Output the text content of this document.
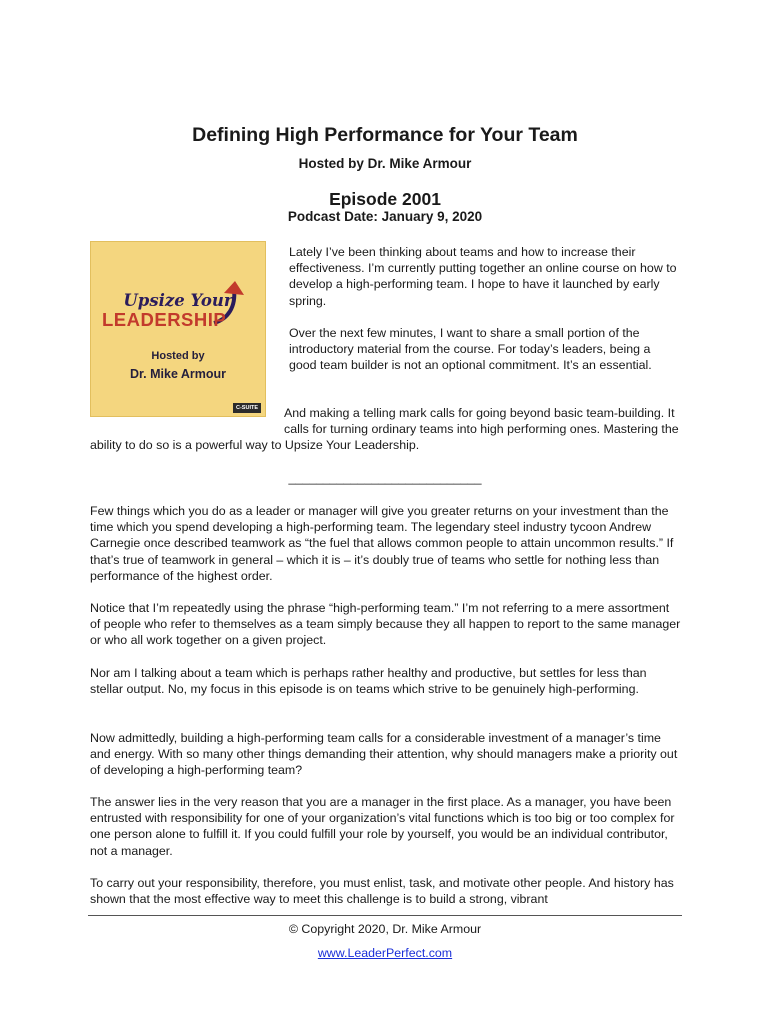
Defining High Performance for Your Team
Hosted by Dr. Mike Armour
Episode 2001
Podcast Date: January 9, 2020
Upsize Your
LEADERSHIP
Hosted by
Dr. Mike Armour
C-SUITE

Lately I’ve been thinking about teams and how to increase their effectiveness. I’m currently putting together an online course on how to develop a high-performing team. I hope to have it launched by early spring.

Over the next few minutes, I want to share a small portion of the introductory material from the course. For today’s leaders, being a good team builder is not an optional commitment. It’s an essential.

And making a telling mark calls for going beyond basic team-building. It calls for turning ordinary teams into high performing ones. Mastering the ability to do so is a powerful way to Upsize Your Leadership.

____________________________

Few things which you do as a leader or manager will give you greater returns on your investment than the time which you spend developing a high-performing team. The legendary steel industry tycoon Andrew Carnegie once described teamwork as “the fuel that allows common people to attain uncommon results.” If that’s true of teamwork in general – which it is – it’s doubly true of teams who settle for nothing less than performance of the highest order.

Notice that I’m repeatedly using the phrase “high-performing team.” I’m not referring to a mere assortment of people who refer to themselves as a team simply because they all happen to report to the same manager or who all work together on a given project.

Nor am I talking about a team which is perhaps rather healthy and productive, but settles for less than stellar output. No, my focus in this episode is on teams which strive to be genuinely high-performing.

Now admittedly, building a high-performing team calls for a considerable investment of a manager’s time and energy. With so many other things demanding their attention, why should managers make a priority out of developing a high-performing team?

The answer lies in the very reason that you are a manager in the first place. As a manager, you have been entrusted with responsibility for one of your organization’s vital functions which is too big or too complex for one person alone to fulfill it. If you could fulfill your role by yourself, you would be an individual contributor, not a manager.

To carry out your responsibility, therefore, you must enlist, task, and motivate other people. And history has shown that the most effective way to meet this challenge is to build a strong, vibrant

© Copyright 2020, Dr. Mike Armour
www.LeaderPerfect.com
